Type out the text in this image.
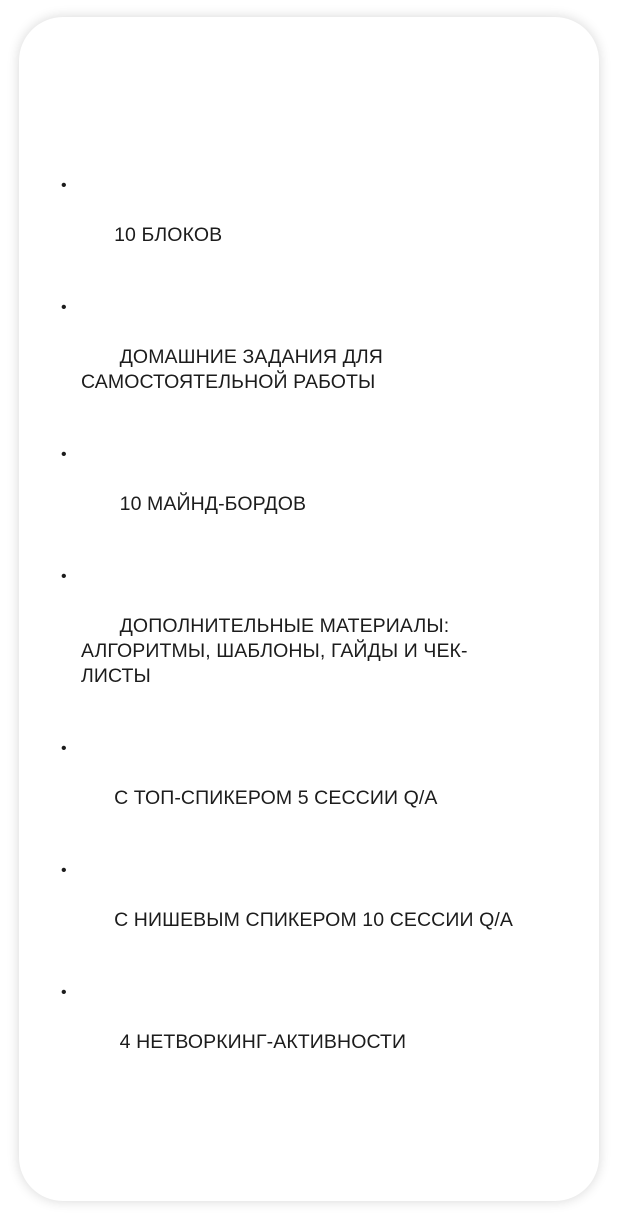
•

10 БЛОКОВ

•

ДОМАШНИЕ ЗАДАНИЯ ДЛЯ
САМОСТОЯТЕЛЬНОЙ РАБОТЫ

•

10 МАЙНД-БОРДОВ

•

ДОПОЛНИТЕЛЬНЫЕ МАТЕРИАЛЫ:
АЛГОРИТМЫ, ШАБЛОНЫ, ГАЙДЫ И ЧЕК-
ЛИСТЫ

•

С ТОП-СПИКЕРОМ 5 СЕССИИ Q/A

•

С НИШЕВЫМ СПИКЕРОМ 10 СЕССИИ Q/A

•

4 НЕТВОРКИНГ-АКТИВНОСТИ
